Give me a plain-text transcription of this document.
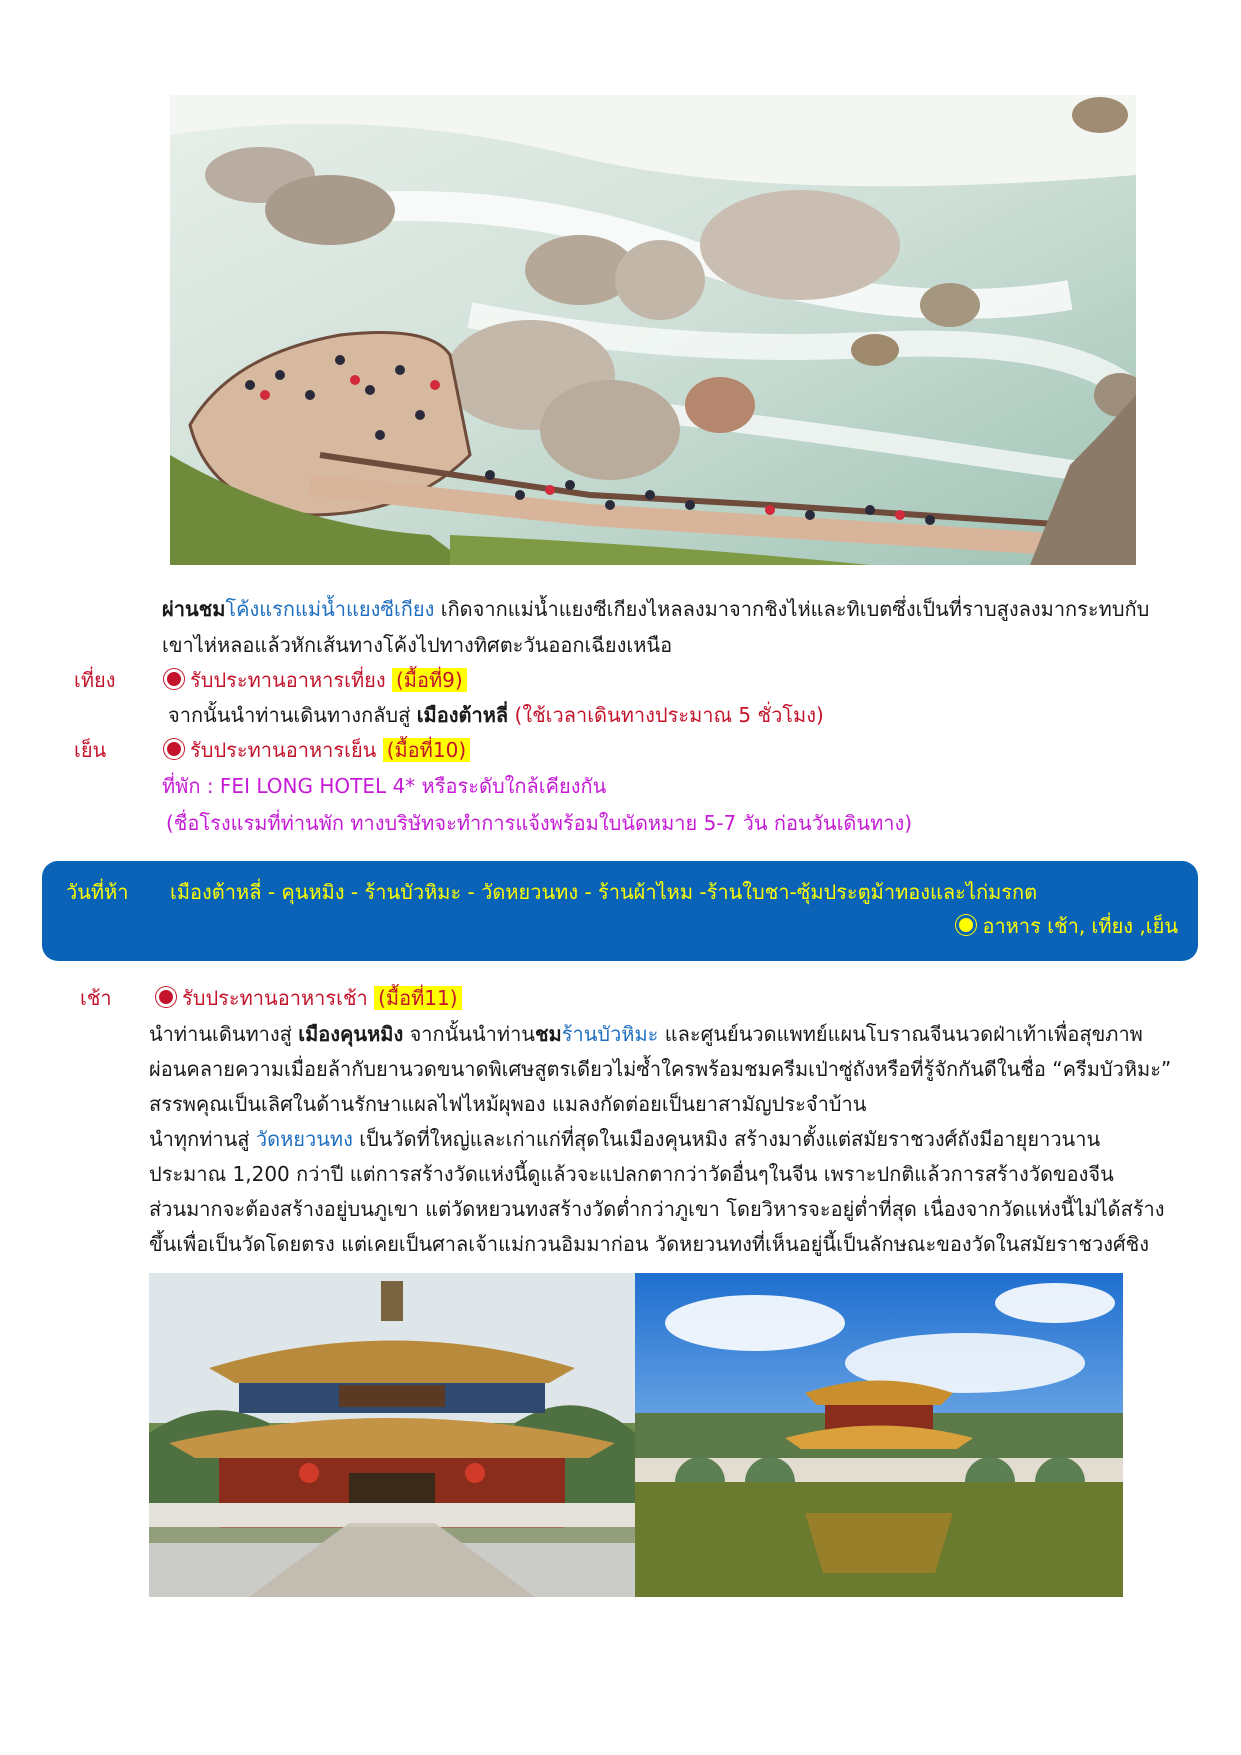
ผ่านชมโค้งแรกแม่น้ำแยงซีเกียง เกิดจากแม่น้ำแยงซีเกียงไหลลงมาจากชิงไห่และทิเบตซึ่งเป็นที่ราบสูงลงมากระทบกับ
เขาไห่หลอแล้วหักเส้นทางโค้งไปทางทิศตะวันออกเฉียงเหนือ
เที่ยง	รับประทานอาหารเที่ยง (มื้อที่9)
จากนั้นนำท่านเดินทางกลับสู่ เมืองต้าหลี่ (ใช้เวลาเดินทางประมาณ 5 ชั่วโมง)
เย็น	รับประทานอาหารเย็น (มื้อที่10)
ที่พัก : FEI LONG HOTEL 4* หรือระดับใกล้เคียงกัน
(ชื่อโรงแรมที่ท่านพัก ทางบริษัทจะทำการแจ้งพร้อมใบนัดหมาย 5-7 วัน ก่อนวันเดินทาง)
วันที่ห้า เมืองต้าหลี่ - คุนหมิง - ร้านบัวหิมะ - วัดหยวนทง - ร้านผ้าไหม -ร้านใบชา-ซุ้มประตูม้าทองและไก่มรกต
อาหาร เช้า, เที่ยง ,เย็น
เช้า	รับประทานอาหารเช้า (มื้อที่11)
นำท่านเดินทางสู่ เมืองคุนหมิง จากนั้นนำท่านชมร้านบัวหิมะ และศูนย์นวดแพทย์แผนโบราณจีนนวดฝ่าเท้าเพื่อสุขภาพ
ผ่อนคลายความเมื่อยล้ากับยานวดขนาดพิเศษสูตรเดียวไม่ซ้ำใครพร้อมชมครีมเป่าซู่ถังหรือที่รู้จักกันดีในชื่อ “ครีมบัวหิมะ”
สรรพคุณเป็นเลิศในด้านรักษาแผลไฟไหม้ผุพอง แมลงกัดต่อยเป็นยาสามัญประจำบ้าน
นำทุกท่านสู่ วัดหยวนทง เป็นวัดที่ใหญ่และเก่าแก่ที่สุดในเมืองคุนหมิง สร้างมาตั้งแต่สมัยราชวงศ์ถังมีอายุยาวนาน
ประมาณ 1,200 กว่าปี แต่การสร้างวัดแห่งนี้ดูแล้วจะแปลกตากว่าวัดอื่นๆในจีน เพราะปกติแล้วการสร้างวัดของจีน
ส่วนมากจะต้องสร้างอยู่บนภูเขา แต่วัดหยวนทงสร้างวัดต่ำกว่าภูเขา โดยวิหารจะอยู่ต่ำที่สุด เนื่องจากวัดแห่งนี้ไม่ได้สร้าง
ขึ้นเพื่อเป็นวัดโดยตรง แต่เคยเป็นศาลเจ้าแม่กวนอิมมาก่อน วัดหยวนทงที่เห็นอยู่นี้เป็นลักษณะของวัดในสมัยราชวงศ์ชิง
